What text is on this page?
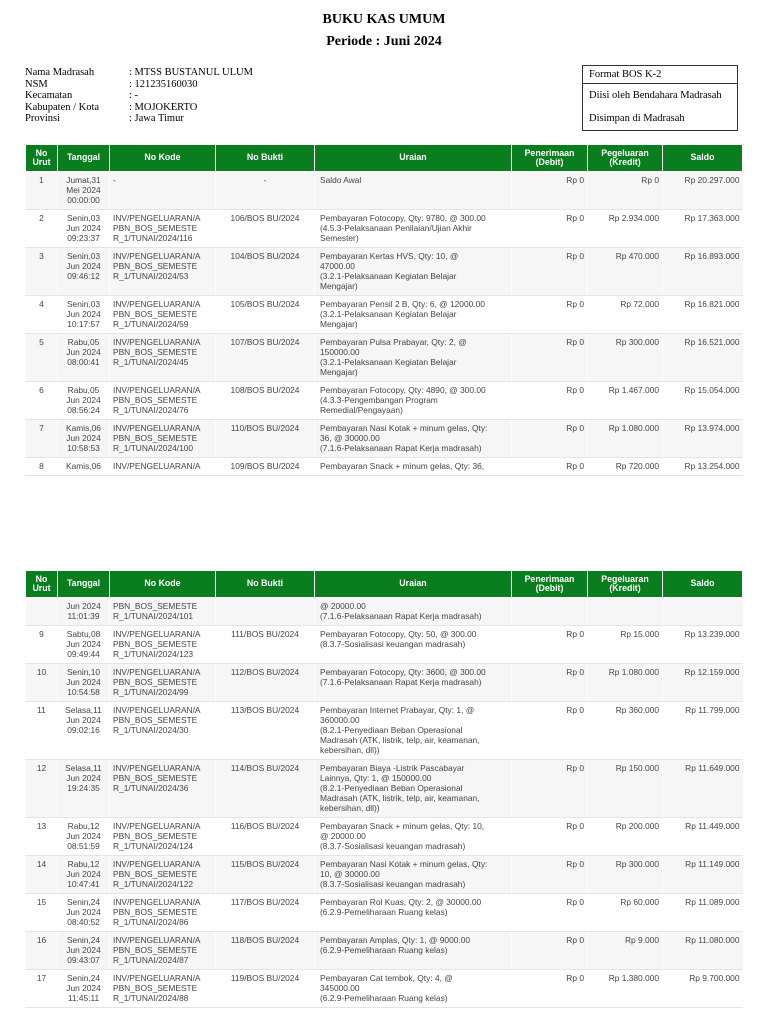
BUKU KAS UMUM
Periode : Juni 2024
Nama Madrasah	: MTSS BUSTANUL ULUM
NSM	: 121235160030
Kecamatan	: -
Kabupaten / Kota	: MOJOKERTO
Provinsi	: Jawa Timur
Format BOS K-2
Diisi oleh Bendahara Madrasah
Disimpan di Madrasah
No
Urut	Tanggal	No Kode	No Bukti	Uraian	Penerimaan
(Debit)	Pegeluaran
(Kredit)	Saldo
1	Jumat,31
Mei 2024
00:00:00	-	-	Saldo Awal	Rp 0	Rp 0	Rp 20.297.000
2	Senin,03
Jun 2024
09:23:37	INV/PENGELUARAN/A
PBN_BOS_SEMESTE
R_1/TUNAI/2024/116	106/BOS BU/2024	Pembayaran Fotocopy, Qty: 9780, @ 300.00
(4.5.3-Pelaksanaan Penilaian/Ujian Akhir
Semester)	Rp 0	Rp 2.934.000	Rp 17.363.000
3	Senin,03
Jun 2024
09:46:12	INV/PENGELUARAN/A
PBN_BOS_SEMESTE
R_1/TUNAI/2024/53	104/BOS BU/2024	Pembayaran Kertas HVS, Qty: 10, @
47000.00
(3.2.1-Pelaksanaan Kegiatan Belajar
Mengajar)	Rp 0	Rp 470.000	Rp 16.893.000
4	Senin,03
Jun 2024
10:17:57	INV/PENGELUARAN/A
PBN_BOS_SEMESTE
R_1/TUNAI/2024/59	105/BOS BU/2024	Pembayaran Pensil 2 B, Qty: 6, @ 12000.00
(3.2.1-Pelaksanaan Kegiatan Belajar
Mengajar)	Rp 0	Rp 72.000	Rp 16.821.000
5	Rabu,05
Jun 2024
08:00:41	INV/PENGELUARAN/A
PBN_BOS_SEMESTE
R_1/TUNAI/2024/45	107/BOS BU/2024	Pembayaran Pulsa Prabayar, Qty: 2, @
150000.00
(3.2.1-Pelaksanaan Kegiatan Belajar
Mengajar)	Rp 0	Rp 300.000	Rp 16.521.000
6	Rabu,05
Jun 2024
08:56:24	INV/PENGELUARAN/A
PBN_BOS_SEMESTE
R_1/TUNAI/2024/76	108/BOS BU/2024	Pembayaran Fotocopy, Qty: 4890, @ 300.00
(4.3.3-Pengembangan Program
Remedial/Pengayaan)	Rp 0	Rp 1.467.000	Rp 15.054.000
7	Kamis,06
Jun 2024
10:58:53	INV/PENGELUARAN/A
PBN_BOS_SEMESTE
R_1/TUNAI/2024/100	110/BOS BU/2024	Pembayaran Nasi Kotak + minum gelas, Qty:
36, @ 30000.00
(7.1.6-Pelaksanaan Rapat Kerja madrasah)	Rp 0	Rp 1.080.000	Rp 13.974.000
8	Kamis,06	INV/PENGELUARAN/A	109/BOS BU/2024	Pembayaran Snack + minum gelas, Qty: 36,	Rp 0	Rp 720.000	Rp 13.254.000
No
Urut	Tanggal	No Kode	No Bukti	Uraian	Penerimaan
(Debit)	Pegeluaran
(Kredit)	Saldo
	Jun 2024
11:01:39	PBN_BOS_SEMESTE
R_1/TUNAI/2024/101		@ 20000.00
(7.1.6-Pelaksanaan Rapat Kerja madrasah)			
9	Sabtu,08
Jun 2024
09:49:44	INV/PENGELUARAN/A
PBN_BOS_SEMESTE
R_1/TUNAI/2024/123	111/BOS BU/2024	Pembayaran Fotocopy, Qty: 50, @ 300.00
(8.3.7-Sosialisasi keuangan madrasah)	Rp 0	Rp 15.000	Rp 13.239.000
10	Senin,10
Jun 2024
10:54:58	INV/PENGELUARAN/A
PBN_BOS_SEMESTE
R_1/TUNAI/2024/99	112/BOS BU/2024	Pembayaran Fotocopy, Qty: 3600, @ 300.00
(7.1.6-Pelaksanaan Rapat Kerja madrasah)	Rp 0	Rp 1.080.000	Rp 12.159.000
11	Selasa,11
Jun 2024
09:02:16	INV/PENGELUARAN/A
PBN_BOS_SEMESTE
R_1/TUNAI/2024/30	113/BOS BU/2024	Pembayaran Internet Prabayar, Qty: 1, @
360000.00
(8.2.1-Penyediaan Beban Operasional
Madrasah (ATK, listrik, telp, air, keamanan,
kebersihan, dll))	Rp 0	Rp 360.000	Rp 11.799.000
12	Selasa,11
Jun 2024
19:24:35	INV/PENGELUARAN/A
PBN_BOS_SEMESTE
R_1/TUNAI/2024/36	114/BOS BU/2024	Pembayaran Biaya -Listrik Pascabayar
Lainnya, Qty: 1, @ 150000.00
(8.2.1-Penyediaan Beban Operasional
Madrasah (ATK, listrik, telp, air, keamanan,
kebersihan, dll))	Rp 0	Rp 150.000	Rp 11.649.000
13	Rabu,12
Jun 2024
08:51:59	INV/PENGELUARAN/A
PBN_BOS_SEMESTE
R_1/TUNAI/2024/124	116/BOS BU/2024	Pembayaran Snack + minum gelas, Qty: 10,
@ 20000.00
(8.3.7-Sosialisasi keuangan madrasah)	Rp 0	Rp 200.000	Rp 11.449.000
14	Rabu,12
Jun 2024
10:47:41	INV/PENGELUARAN/A
PBN_BOS_SEMESTE
R_1/TUNAI/2024/122	115/BOS BU/2024	Pembayaran Nasi Kotak + minum gelas, Qty:
10, @ 30000.00
(8.3.7-Sosialisasi keuangan madrasah)	Rp 0	Rp 300.000	Rp 11.149.000
15	Senin,24
Jun 2024
08:40:52	INV/PENGELUARAN/A
PBN_BOS_SEMESTE
R_1/TUNAI/2024/86	117/BOS BU/2024	Pembayaran Rol Kuas, Qty: 2, @ 30000.00
(6.2.9-Pemeliharaan Ruang kelas)	Rp 0	Rp 60.000	Rp 11.089.000
16	Senin,24
Jun 2024
09:43:07	INV/PENGELUARAN/A
PBN_BOS_SEMESTE
R_1/TUNAI/2024/87	118/BOS BU/2024	Pembayaran Amplas, Qty: 1, @ 9000.00
(6.2.9-Pemeliharaan Ruang kelas)	Rp 0	Rp 9.000	Rp 11.080.000
17	Senin,24
Jun 2024
11:45:11	INV/PENGELUARAN/A
PBN_BOS_SEMESTE
R_1/TUNAI/2024/88	119/BOS BU/2024	Pembayaran Cat tembok, Qty: 4, @
345000.00
(6.2.9-Pemeliharaan Ruang kelas)	Rp 0	Rp 1.380.000	Rp 9.700.000
